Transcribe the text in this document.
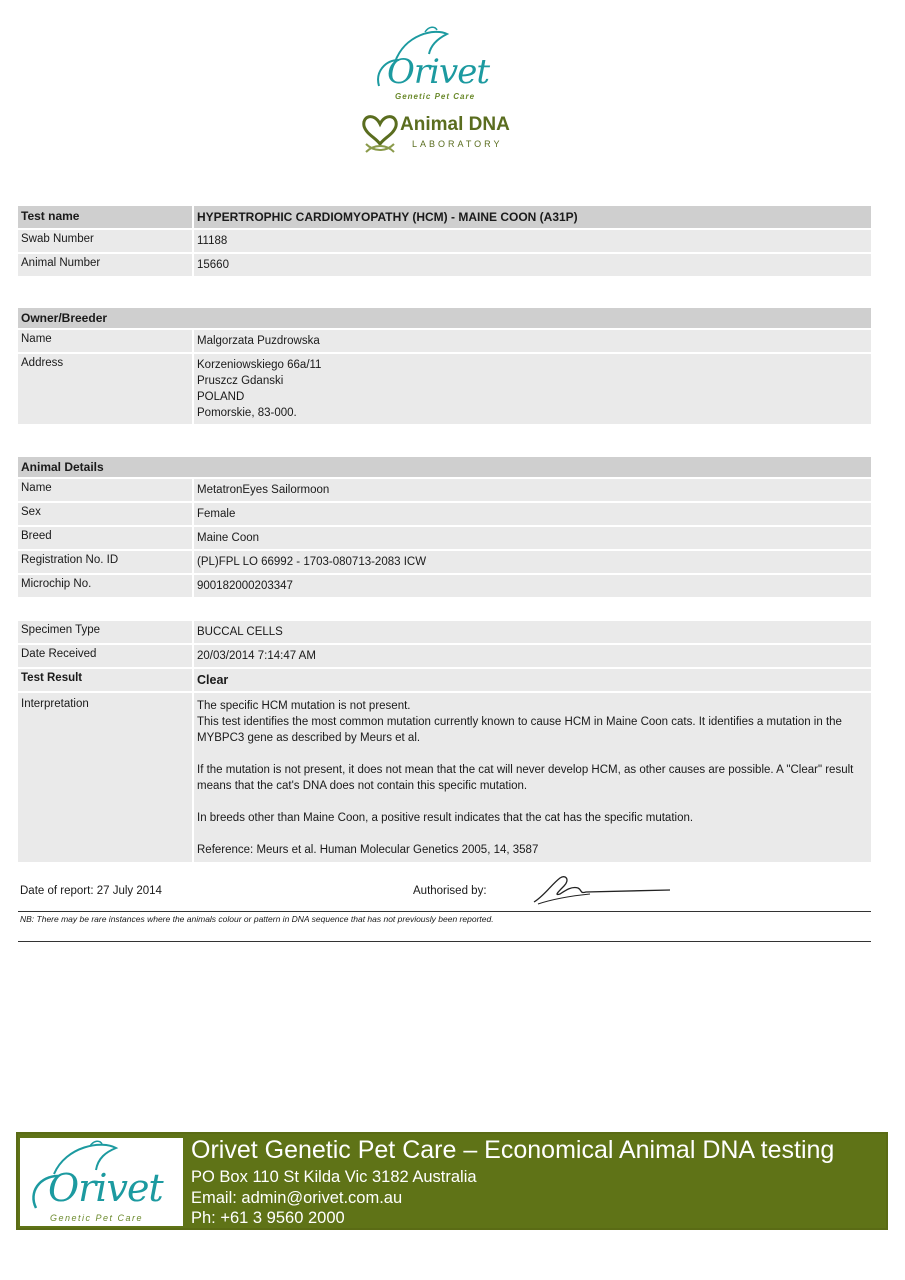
Orivet
Genetic Pet Care
Animal DNA
LABORATORY
Test name	HYPERTROPHIC CARDIOMYOPATHY (HCM) - MAINE COON (A31P)
Swab Number	11188
Animal Number	15660
Owner/Breeder
Name	Malgorzata Puzdrowska
Address	Korzeniowskiego 66a/11
Pruszcz Gdanski
POLAND
Pomorskie, 83-000.
Animal Details
Name	MetatronEyes Sailormoon
Sex	Female
Breed	Maine Coon
Registration No. ID	(PL)FPL LO 66992 - 1703-080713-2083 ICW
Microchip No.	900182000203347
Specimen Type	BUCCAL CELLS
Date Received	20/03/2014 7:14:47 AM
Test Result	Clear
Interpretation	The specific HCM mutation is not present.
This test identifies the most common mutation currently known to cause HCM in Maine Coon cats. It identifies a mutation in the MYBPC3 gene as described by Meurs et al.
If the mutation is not present, it does not mean that the cat will never develop HCM, as other causes are possible. A "Clear" result means that the cat's DNA does not contain this specific mutation.
In breeds other than Maine Coon, a positive result indicates that the cat has the specific mutation.
Reference: Meurs et al. Human Molecular Genetics 2005, 14, 3587
Date of report: 27 July 2014	Authorised by:
NB: There may be rare instances where the animals colour or pattern in DNA sequence that has not previously been reported.
Orivet
Genetic Pet Care
Orivet Genetic Pet Care – Economical Animal DNA testing
PO Box 110 St Kilda Vic 3182 Australia
Email: admin@orivet.com.au
Ph: +61 3 9560 2000
